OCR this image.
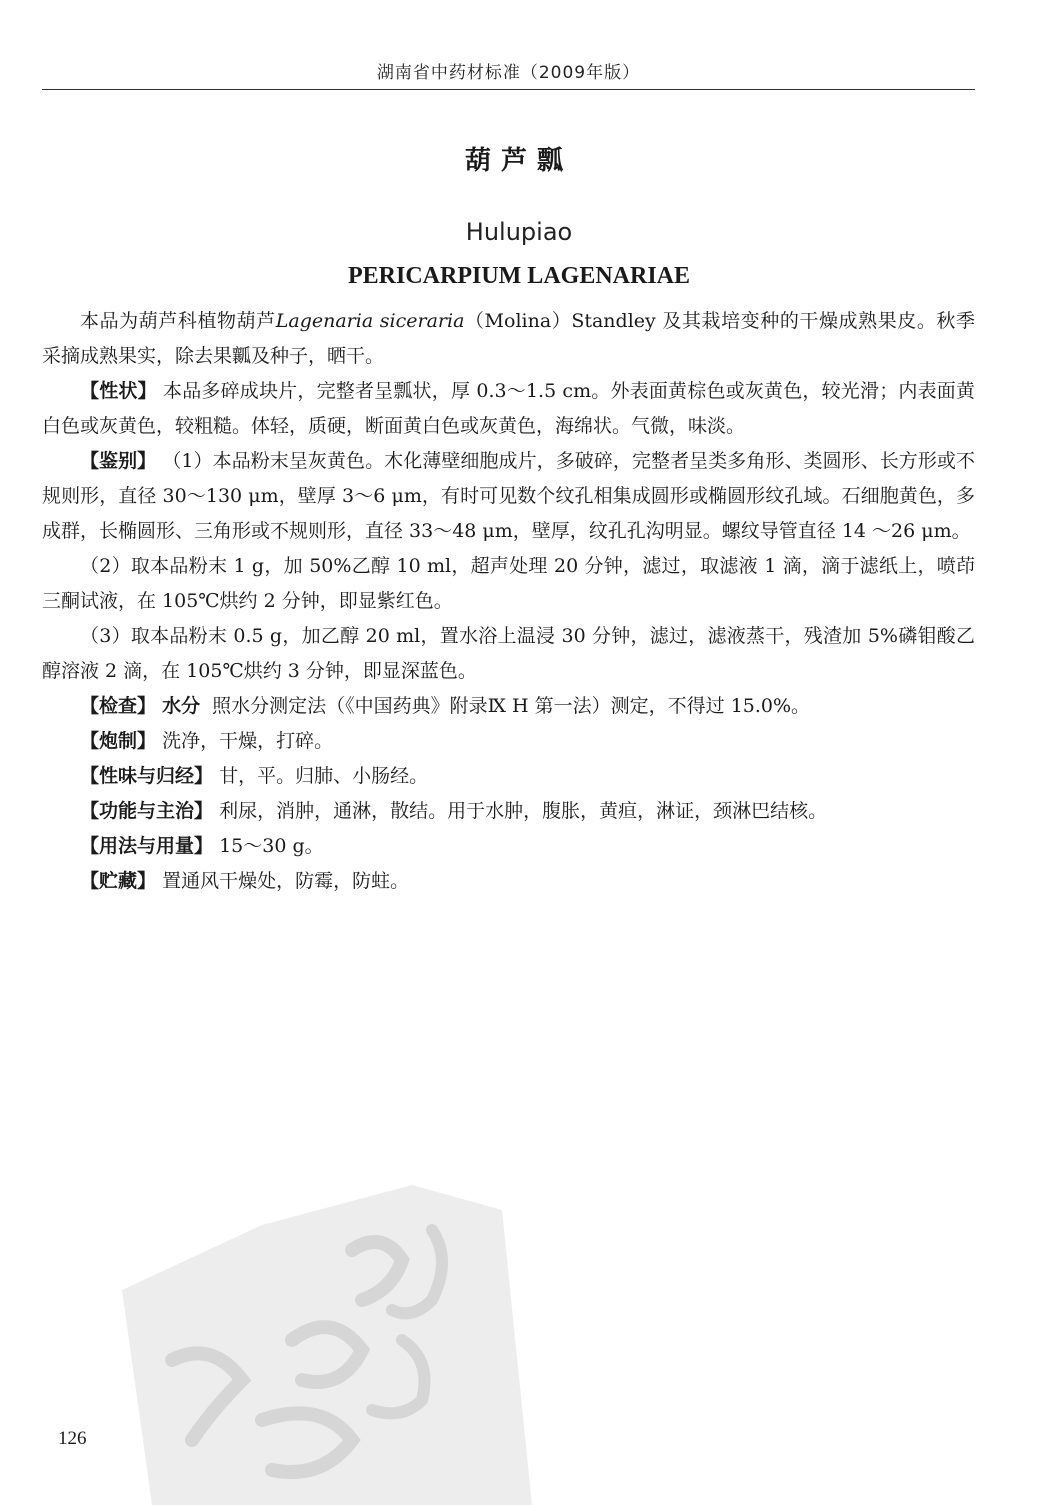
湖南省中药材标准（2009年版）
葫芦瓢
Hulupiao
PERICARPIUM LAGENARIAE

本品为葫芦科植物葫芦Lagenaria siceraria（Molina）Standley 及其栽培变种的干燥成熟果皮。秋季采摘成熟果实，除去果瓤及种子，晒干。

【性状】 本品多碎成块片，完整者呈瓢状，厚 0.3～1.5 cm。外表面黄棕色或灰黄色，较光滑；内表面黄白色或灰黄色，较粗糙。体轻，质硬，断面黄白色或灰黄色，海绵状。气微，味淡。

【鉴别】 （1）本品粉末呈灰黄色。木化薄壁细胞成片，多破碎，完整者呈类多角形、类圆形、长方形或不规则形，直径 30～130 μm，壁厚 3～6 μm，有时可见数个纹孔相集成圆形或椭圆形纹孔域。石细胞黄色，多成群，长椭圆形、三角形或不规则形，直径 33～48 μm，壁厚，纹孔孔沟明显。螺纹导管直径 14 ～26 μm。

（2）取本品粉末 1 g，加 50%乙醇 10 ml，超声处理 20 分钟，滤过，取滤液 1 滴，滴于滤纸上，喷茚三酮试液，在 105℃烘约 2 分钟，即显紫红色。

（3）取本品粉末 0.5 g，加乙醇 20 ml，置水浴上温浸 30 分钟，滤过，滤液蒸干，残渣加 5%磷钼酸乙醇溶液 2 滴，在 105℃烘约 3 分钟，即显深蓝色。

【检查】 水分 照水分测定法（《中国药典》附录Ⅸ H 第一法）测定，不得过 15.0%。

【炮制】 洗净，干燥，打碎。

【性味与归经】 甘，平。归肺、小肠经。

【功能与主治】 利尿，消肿，通淋，散结。用于水肿，腹胀，黄疸，淋证，颈淋巴结核。

【用法与用量】 15～30 g。

【贮藏】 置通风干燥处，防霉，防蛀。

126
